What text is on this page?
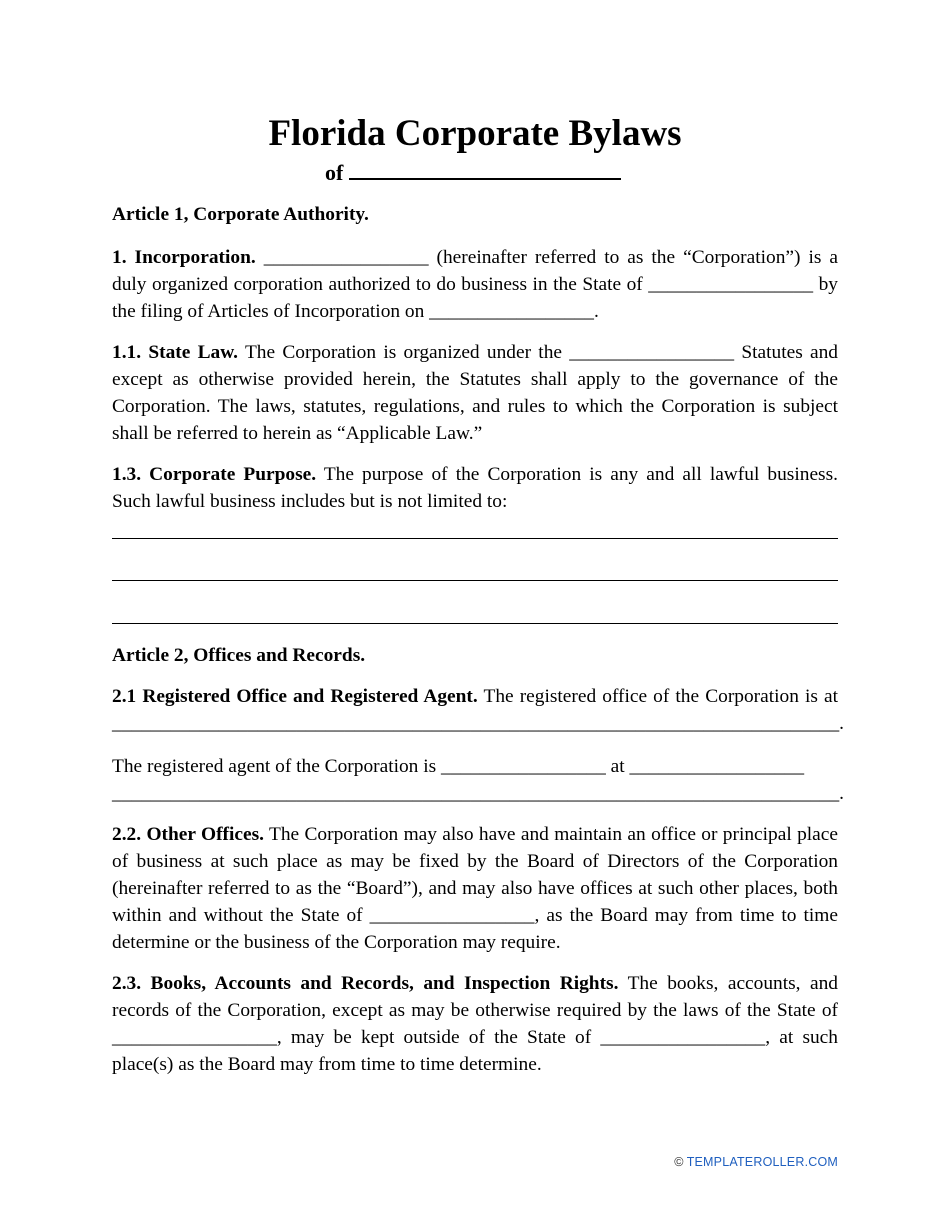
Florida Corporate Bylaws
of
Article 1, Corporate Authority.
1. Incorporation. _________________ (hereinafter referred to as the “Corporation”) is a duly organized corporation authorized to do business in the State of _________________ by the filing of Articles of Incorporation on _________________.
1.1. State Law. The Corporation is organized under the _________________ Statutes and except as otherwise provided herein, the Statutes shall apply to the governance of the Corporation. The laws, statutes, regulations, and rules to which the Corporation is subject shall be referred to herein as “Applicable Law.”
1.3. Corporate Purpose. The purpose of the Corporation is any and all lawful business. Such lawful business includes but is not limited to:
Article 2, Offices and Records.
2.1 Registered Office and Registered Agent. The registered office of the Corporation is at ___________________________________________________________________________.
The registered agent of the Corporation is _________________ at __________________
___________________________________________________________________________.
2.2. Other Offices. The Corporation may also have and maintain an office or principal place of business at such place as may be fixed by the Board of Directors of the Corporation (hereinafter referred to as the “Board”), and may also have offices at such other places, both within and without the State of _________________, as the Board may from time to time determine or the business of the Corporation may require.
2.3. Books, Accounts and Records, and Inspection Rights. The books, accounts, and records of the Corporation, except as may be otherwise required by the laws of the State of _________________, may be kept outside of the State of _________________, at such place(s) as the Board may from time to time determine.
© TEMPLATEROLLER.COM
